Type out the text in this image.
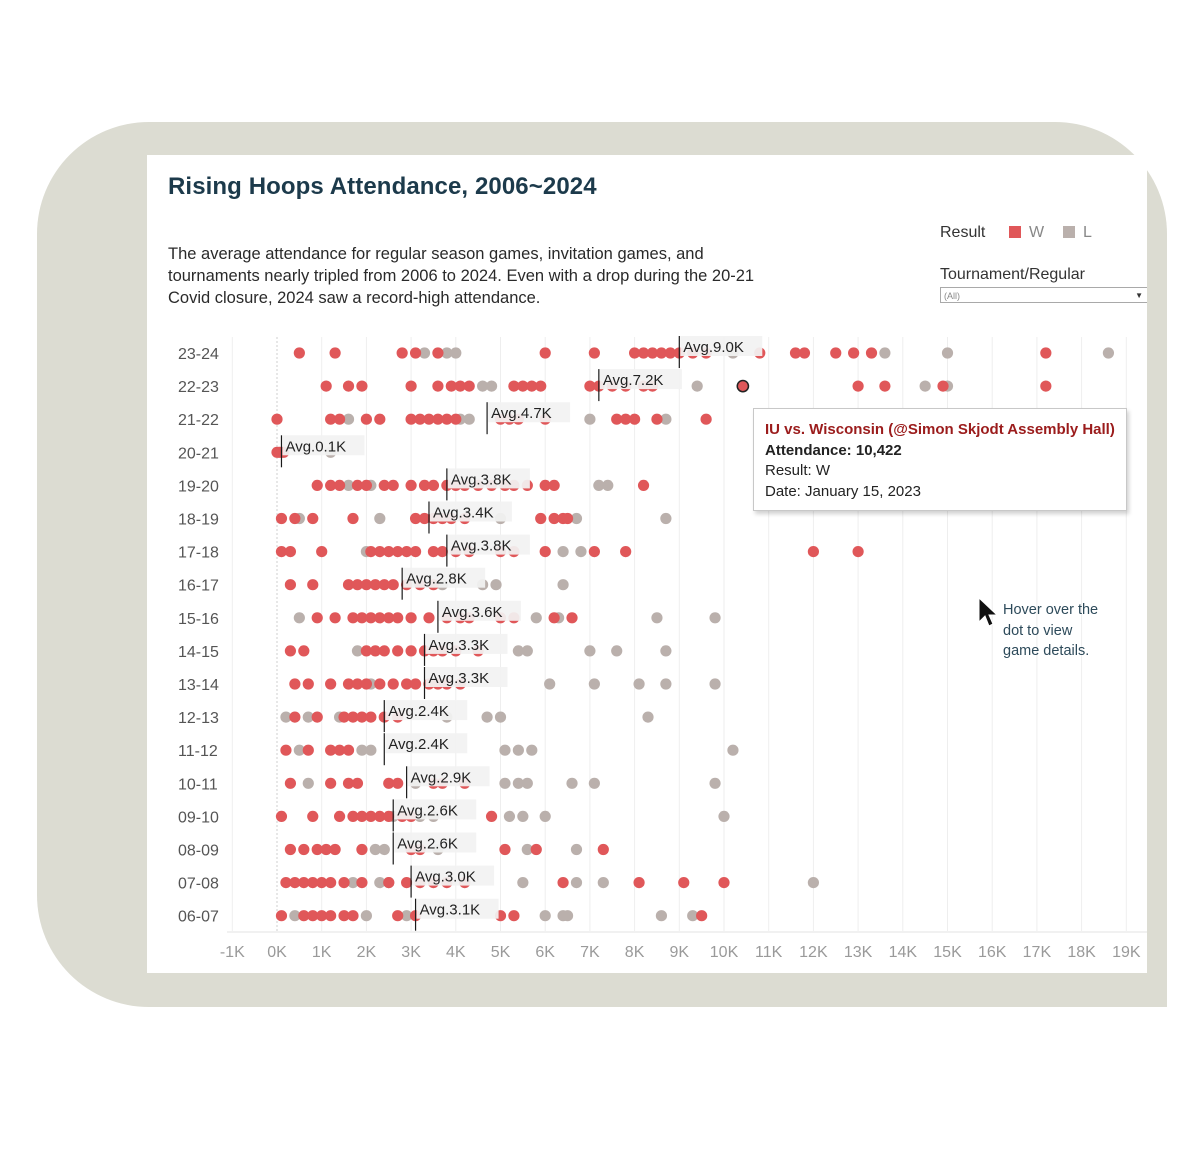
Rising Hoops Attendance, 2006~2024
The average attendance for regular season games, invitation games, and tournaments nearly tripled from 2006 to 2024. Even with a drop during the 20-21 Covid closure, 2024 saw a record-high attendance.
Result	W	L
Tournament/Regular
(All)	▼
-1K 0K 1K 2K 3K 4K 5K 6K 7K 8K 9K 10K 11K 12K 13K 14K 15K 16K 17K 18K 19K
23-24	Avg.9.0K
22-23	Avg.7.2K
21-22	Avg.4.7K
20-21	Avg.0.1K
19-20	Avg.3.8K
18-19	Avg.3.4K
17-18	Avg.3.8K
16-17	Avg.2.8K
15-16	Avg.3.6K
14-15	Avg.3.3K
13-14	Avg.3.3K
12-13	Avg.2.4K
11-12	Avg.2.4K
10-11	Avg.2.9K
09-10	Avg.2.6K
08-09	Avg.2.6K
07-08	Avg.3.0K
06-07	Avg.3.1K
IU vs. Wisconsin (@Simon Skjodt Assembly Hall)
Attendance: 10,422
Result: W
Date: January 15, 2023
Hover over the
dot to view
game details.
